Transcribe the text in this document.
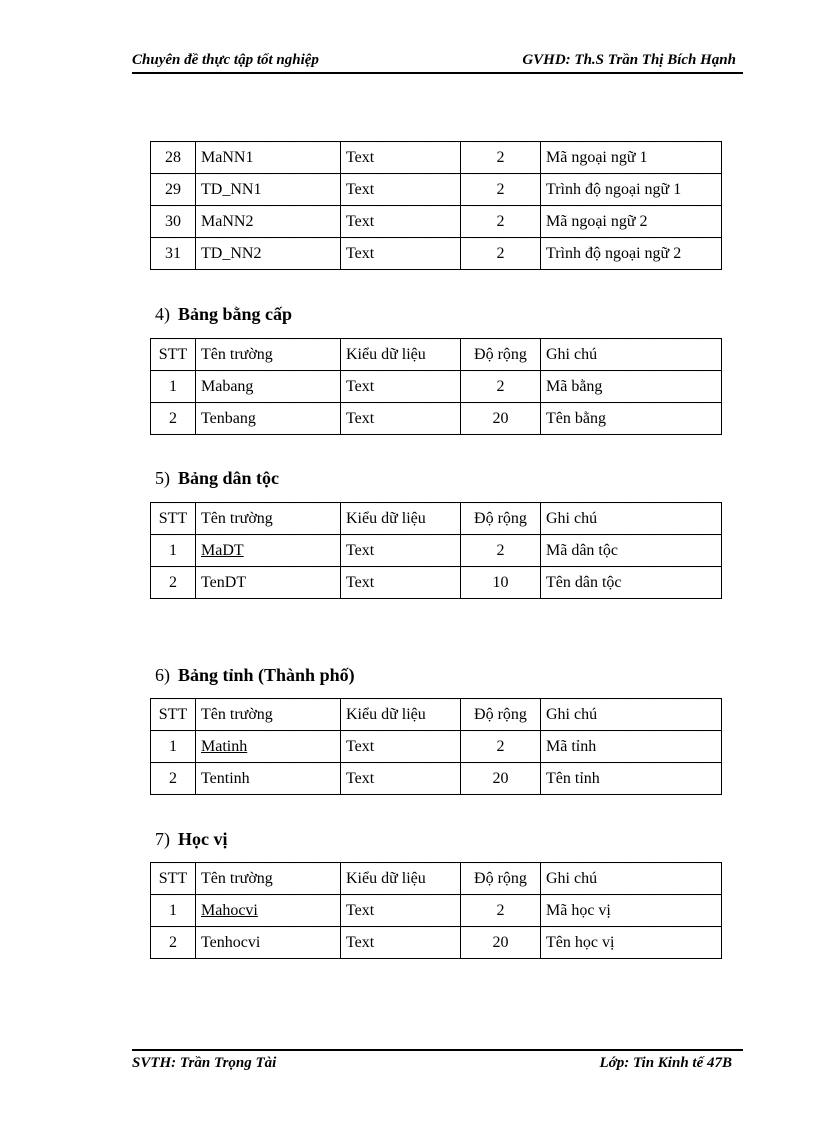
Chuyên đề thực tập tốt nghiệp	GVHD: Th.S Trần Thị Bích Hạnh
28	MaNN1	Text	2	Mã ngoại ngữ 1
29	TD_NN1	Text	2	Trình độ ngoại ngữ 1
30	MaNN2	Text	2	Mã ngoại ngữ 2
31	TD_NN2	Text	2	Trình độ ngoại ngữ 2
4) Bảng bằng cấp
STT	Tên trường	Kiểu dữ liệu	Độ rộng	Ghi chú
1	Mabang	Text	2	Mã bằng
2	Tenbang	Text	20	Tên bằng
5) Bảng dân tộc
STT	Tên trường	Kiểu dữ liệu	Độ rộng	Ghi chú
1	MaDT	Text	2	Mã dân tộc
2	TenDT	Text	10	Tên dân tộc
6) Bảng tỉnh (Thành phố)
STT	Tên trường	Kiểu dữ liệu	Độ rộng	Ghi chú
1	Matinh	Text	2	Mã tỉnh
2	Tentinh	Text	20	Tên tỉnh
7) Học vị
STT	Tên trường	Kiểu dữ liệu	Độ rộng	Ghi chú
1	Mahocvi	Text	2	Mã học vị
2	Tenhocvi	Text	20	Tên học vị
SVTH: Trần Trọng Tài	Lớp: Tin Kinh tế 47B
